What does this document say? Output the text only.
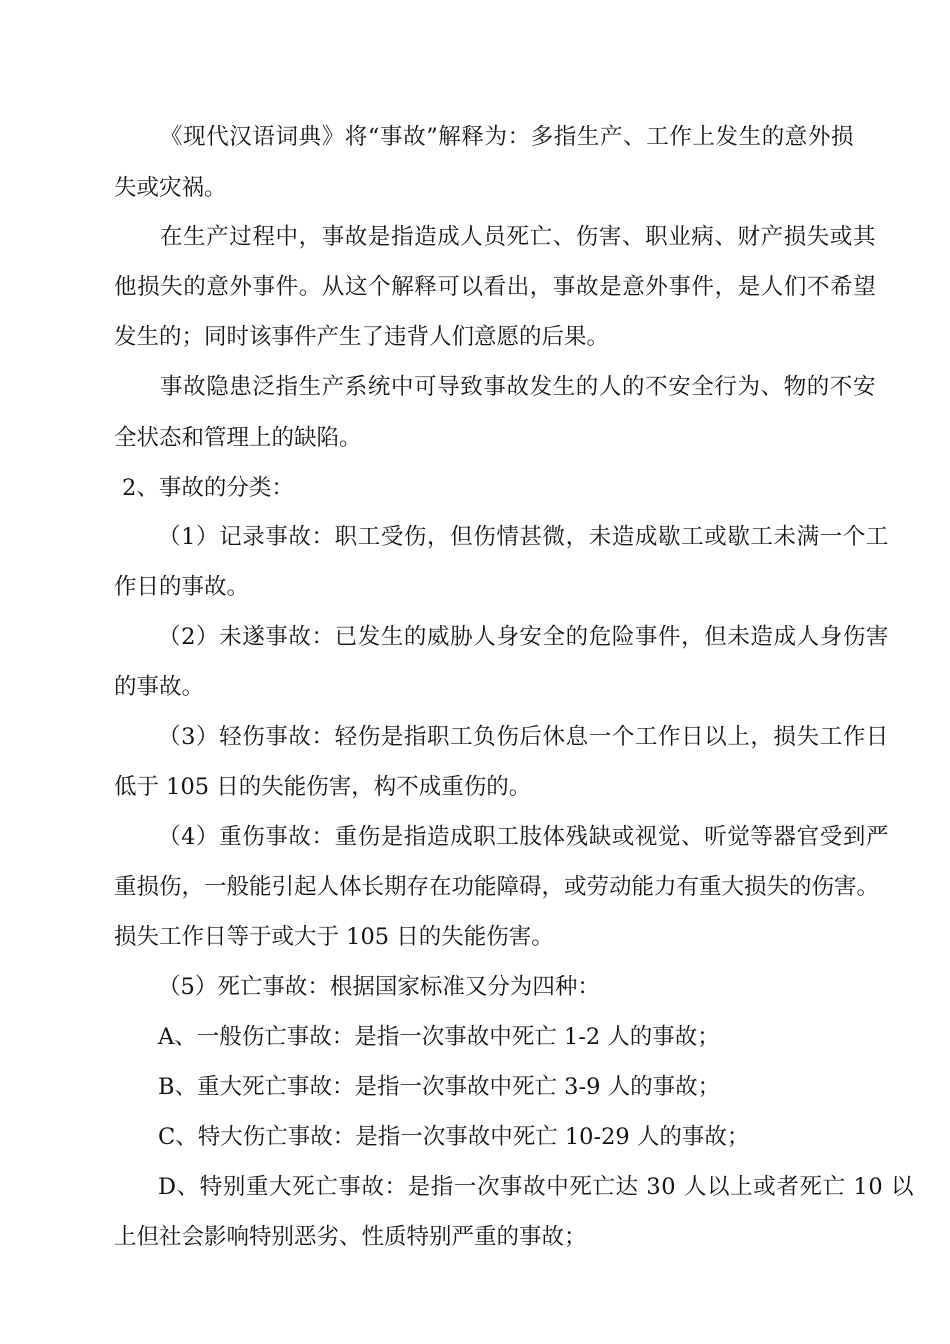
《现代汉语词典》将“事故”解释为：多指生产、工作上发生的意外损
失或灾祸。
在生产过程中，事故是指造成人员死亡、伤害、职业病、财产损失或其
他损失的意外事件。从这个解释可以看出，事故是意外事件，是人们不希望
发生的；同时该事件产生了违背人们意愿的后果。
事故隐患泛指生产系统中可导致事故发生的人的不安全行为、物的不安
全状态和管理上的缺陷。
2、事故的分类：
（1）记录事故：职工受伤，但伤情甚微，未造成歇工或歇工未满一个工
作日的事故。
（2）未遂事故：已发生的威胁人身安全的危险事件，但未造成人身伤害
的事故。
（3）轻伤事故：轻伤是指职工负伤后休息一个工作日以上，损失工作日
低于 105 日的失能伤害，构不成重伤的。
（4）重伤事故：重伤是指造成职工肢体残缺或视觉、听觉等器官受到严
重损伤，一般能引起人体长期存在功能障碍，或劳动能力有重大损失的伤害。
损失工作日等于或大于 105 日的失能伤害。
（5）死亡事故：根据国家标准又分为四种：
A、一般伤亡事故：是指一次事故中死亡 1-2 人的事故；
B、重大死亡事故：是指一次事故中死亡 3-9 人的事故；
C、特大伤亡事故：是指一次事故中死亡 10-29 人的事故；
D、特别重大死亡事故：是指一次事故中死亡达 30 人以上或者死亡 10 以
上但社会影响特别恶劣、性质特别严重的事故；
